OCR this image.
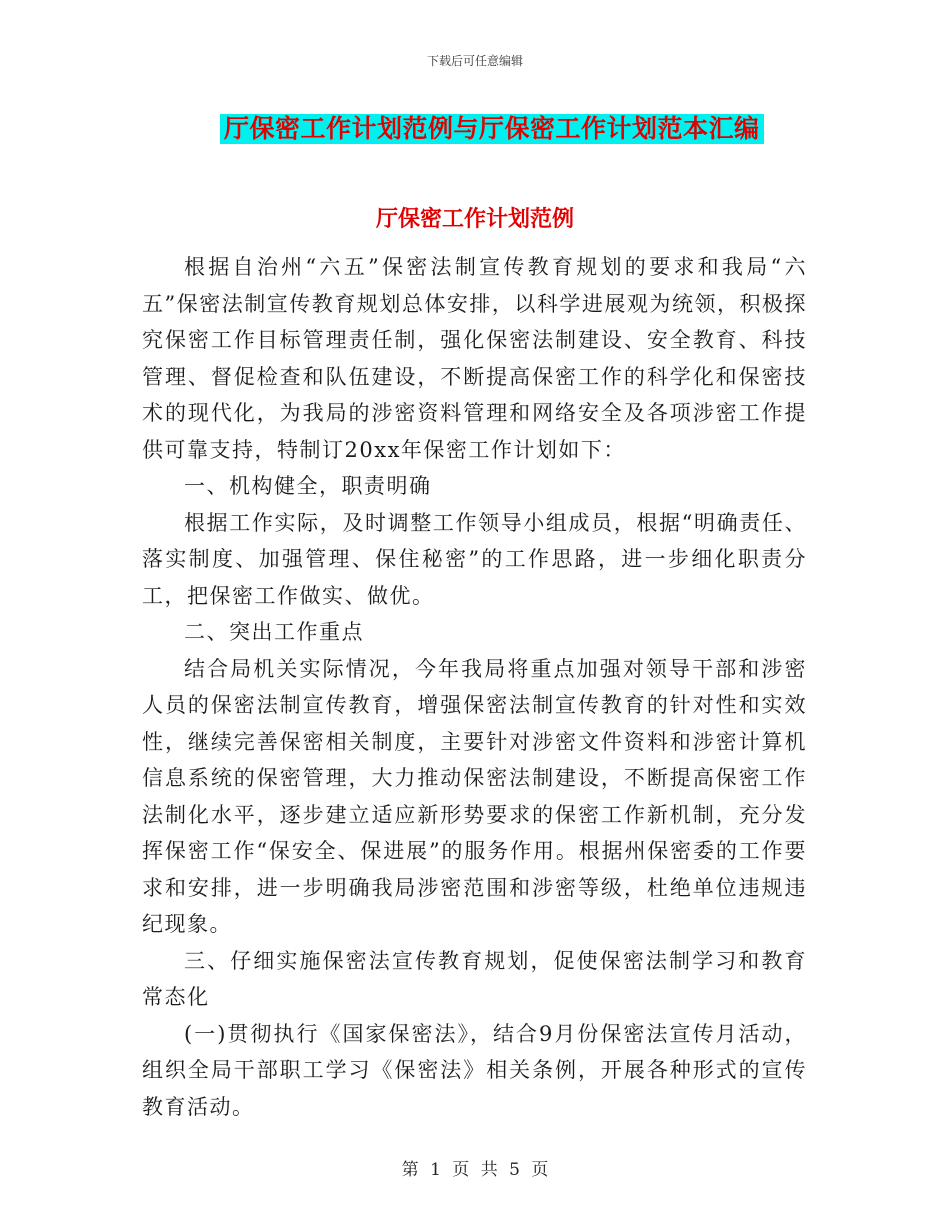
下载后可任意编辑
厅保密工作计划范例与厅保密工作计划范本汇编
厅保密工作计划范例

根据自治州“六五”保密法制宣传教育规划的要求和我局“六五”保密法制宣传教育规划总体安排，以科学进展观为统领，积极探究保密工作目标管理责任制，强化保密法制建设、安全教育、科技管理、督促检查和队伍建设，不断提高保密工作的科学化和保密技术的现代化，为我局的涉密资料管理和网络安全及各项涉密工作提供可靠支持，特制订20xx年保密工作计划如下：

一、机构健全，职责明确

根据工作实际，及时调整工作领导小组成员，根据“明确责任、落实制度、加强管理、保住秘密”的工作思路，进一步细化职责分工，把保密工作做实、做优。

二、突出工作重点

结合局机关实际情况，今年我局将重点加强对领导干部和涉密人员的保密法制宣传教育，增强保密法制宣传教育的针对性和实效性，继续完善保密相关制度，主要针对涉密文件资料和涉密计算机信息系统的保密管理，大力推动保密法制建设，不断提高保密工作法制化水平，逐步建立适应新形势要求的保密工作新机制，充分发挥保密工作“保安全、保进展”的服务作用。根据州保密委的工作要求和安排，进一步明确我局涉密范围和涉密等级，杜绝单位违规违纪现象。

三、仔细实施保密法宣传教育规划，促使保密法制学习和教育常态化

(一)贯彻执行《国家保密法》，结合9月份保密法宣传月活动，组织全局干部职工学习《保密法》相关条例，开展各种形式的宣传教育活动。

第 1 页 共 5 页
